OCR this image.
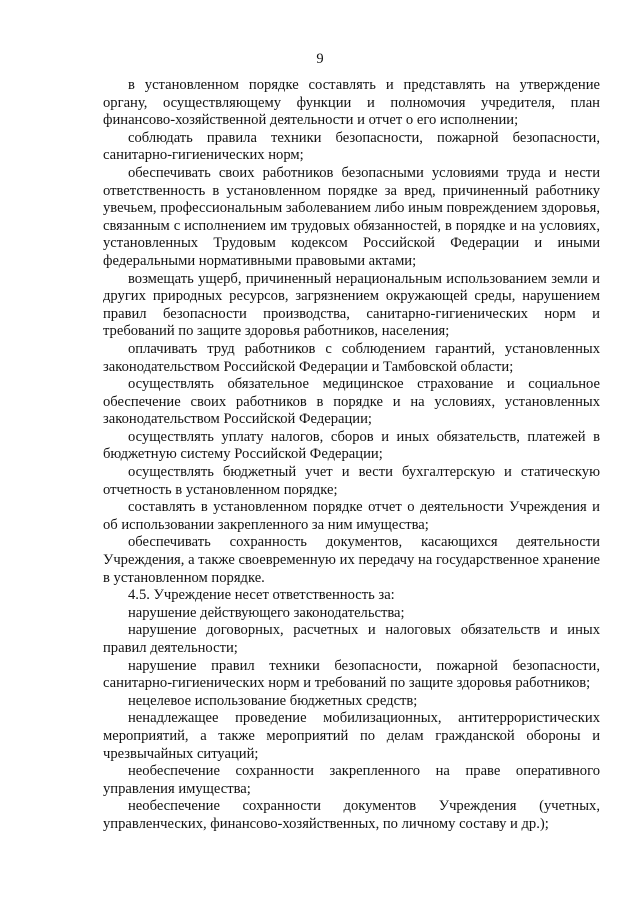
9

в установленном порядке составлять и представлять на утверждение органу, осуществляющему функции и полномочия учредителя, план финансово-хозяйственной деятельности и отчет о его исполнении;

соблюдать правила техники безопасности, пожарной безопасности, санитарно-гигиенических норм;

обеспечивать своих работников безопасными условиями труда и нести ответственность в установленном порядке за вред, причиненный работнику увечьем, профессиональным заболеванием либо иным повреждением здоровья, связанным с исполнением им трудовых обязанностей, в порядке и на условиях, установленных Трудовым кодексом Российской Федерации и иными федеральными нормативными правовыми актами;

возмещать ущерб, причиненный нерациональным использованием земли и других природных ресурсов, загрязнением окружающей среды, нарушением правил безопасности производства, санитарно-гигиенических норм и требований по защите здоровья работников, населения;

оплачивать труд работников с соблюдением гарантий, установленных законодательством Российской Федерации и Тамбовской области;

осуществлять обязательное медицинское страхование и социальное обеспечение своих работников в порядке и на условиях, установленных законодательством Российской Федерации;

осуществлять уплату налогов, сборов и иных обязательств, платежей в бюджетную систему Российской Федерации;

осуществлять бюджетный учет и вести бухгалтерскую и статическую отчетность в установленном порядке;

составлять в установленном порядке отчет о деятельности Учреждения и об использовании закрепленного за ним имущества;

обеспечивать сохранность документов, касающихся деятельности Учреждения, а также своевременную их передачу на государственное хранение в установленном порядке.

4.5. Учреждение несет ответственность за:

нарушение действующего законодательства;

нарушение договорных, расчетных и налоговых обязательств и иных правил деятельности;

нарушение правил техники безопасности, пожарной безопасности, санитарно-гигиенических норм и требований по защите здоровья работников;

нецелевое использование бюджетных средств;

ненадлежащее проведение мобилизационных, антитеррористических мероприятий, а также мероприятий по делам гражданской обороны и чрезвычайных ситуаций;

необеспечение сохранности закрепленного на праве оперативного управления имущества;

необеспечение сохранности документов Учреждения (учетных, управленческих, финансово-хозяйственных, по личному составу и др.);
